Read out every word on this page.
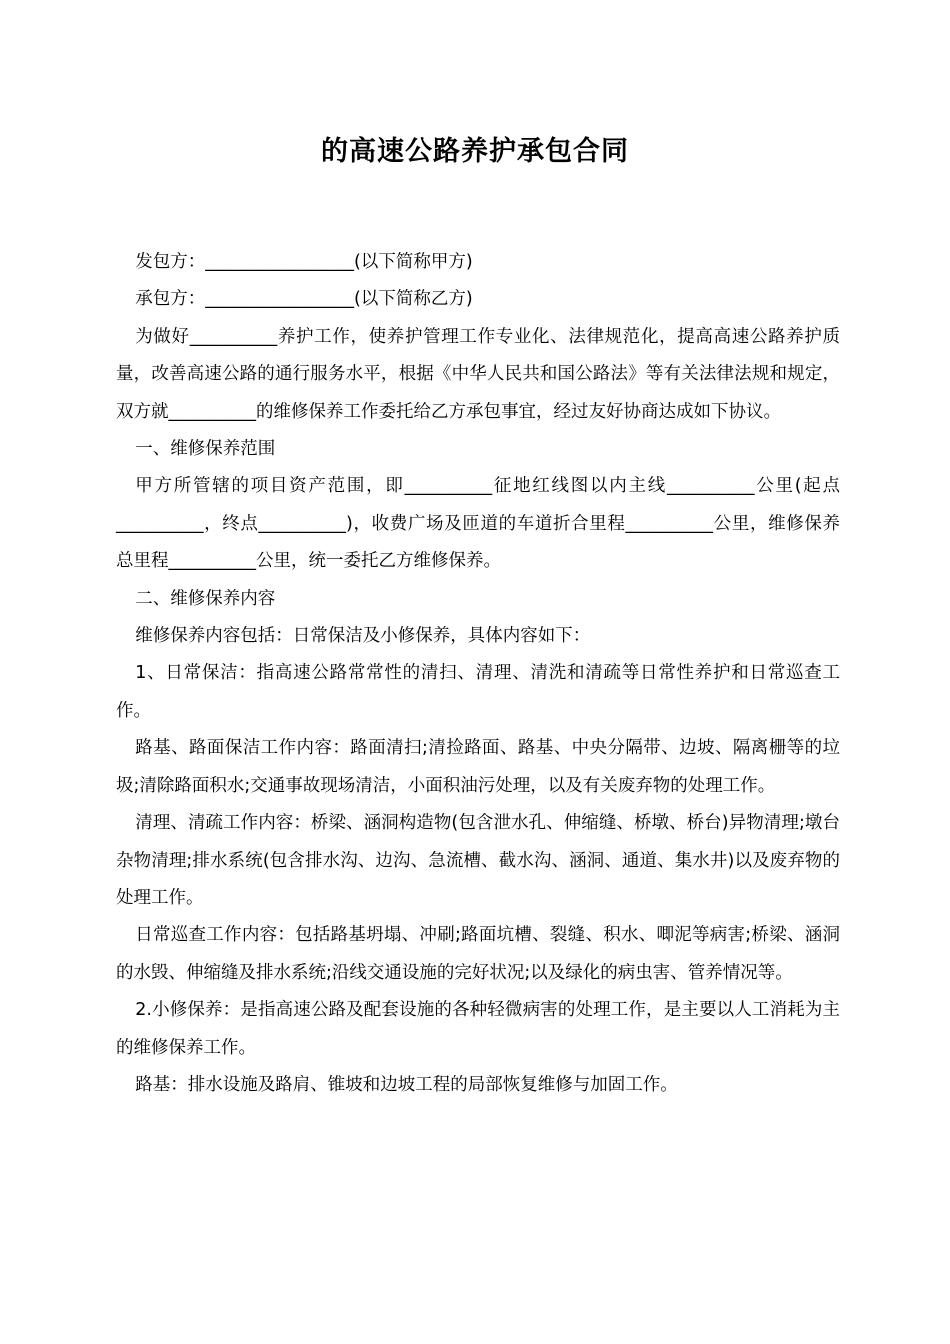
的高速公路养护承包合同

发包方：_________________(以下简称甲方)

承包方：_________________(以下简称乙方)

为做好__________养护工作，使养护管理工作专业化、法律规范化，提高高速公路养护质量，改善高速公路的通行服务水平，根据《中华人民共和国公路法》等有关法律法规和规定，双方就__________的维修保养工作委托给乙方承包事宜，经过友好协商达成如下协议。

一、维修保养范围

甲方所管辖的项目资产范围，即__________征地红线图以内主线__________公里(起点__________，终点__________)，收费广场及匝道的车道折合里程__________公里，维修保养总里程__________公里，统一委托乙方维修保养。

二、维修保养内容

维修保养内容包括：日常保洁及小修保养，具体内容如下：

1、日常保洁：指高速公路常常性的清扫、清理、清洗和清疏等日常性养护和日常巡查工作。

路基、路面保洁工作内容：路面清扫;清捡路面、路基、中央分隔带、边坡、隔离栅等的垃圾;清除路面积水;交通事故现场清洁，小面积油污处理，以及有关废弃物的处理工作。

清理、清疏工作内容：桥梁、涵洞构造物(包含泄水孔、伸缩缝、桥墩、桥台)异物清理;墩台杂物清理;排水系统(包含排水沟、边沟、急流槽、截水沟、涵洞、通道、集水井)以及废弃物的处理工作。

日常巡查工作内容：包括路基坍塌、冲刷;路面坑槽、裂缝、积水、唧泥等病害;桥梁、涵洞的水毁、伸缩缝及排水系统;沿线交通设施的完好状况;以及绿化的病虫害、管养情况等。

2.小修保养：是指高速公路及配套设施的各种轻微病害的处理工作，是主要以人工消耗为主的维修保养工作。

路基：排水设施及路肩、锥坡和边坡工程的局部恢复维修与加固工作。
